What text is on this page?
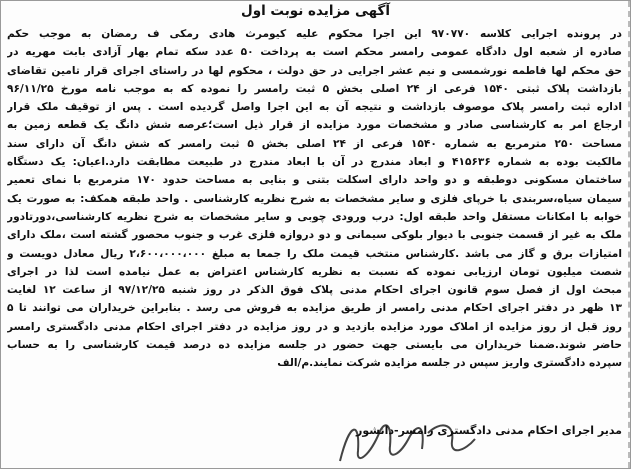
آگهی مزایده نوبت اول
در پرونده اجرایی کلاسه ۹۷۰۷۷۰ این اجرا محکوم علیه کیومرث هادی رمکی ف رمضان به موجب حکم
صادره از شعبه اول دادگاه عمومی رامسر محکم است به پرداخت ۵۰ عدد سکه تمام بهار آزادی بابت مهریه در
حق محکم لها فاطمه نورشمسی و نیم عشر اجرایی در حق دولت ، محکوم لها در راستای اجرای قرار تامین تقاضای
بازداشت پلاک ثبتی ۱۵۴۰ فرعی از ۲۴ اصلی بخش ۵ ثبت رامسر را نموده که به موجب نامه مورخ ۹۶/۱۱/۲۵
اداره ثبت رامسر پلاک موصوف بازداشت و نتیجه آن به این اجرا واصل گردیده است . پس از توقیف ملک قرار
ارجاع امر به کارشناسی صادر و مشخصات مورد مزایده از قرار ذیل است؛عرصه شش دانگ یک قطعه زمین به
مساحت ۲۵۰ مترمربع به شماره ۱۵۴۰ فرعی از ۲۴ اصلی بخش ۵ ثبت رامسر که شش دانگ آن دارای سند
مالکیت بوده به شماره ۴۱۵۶۳۶ و ابعاد مندرج در آن با ابعاد مندرج در طبیعت مطابقت دارد.اعیان: یک دستگاه
ساختمان مسکونی دوطبقه و دو واحد دارای اسکلت بتنی و بنایی به مساحت حدود ۱۷۰ مترمربع با نمای تعمیر
سیمان سیاه،سربندی با خرپای فلزی و سایر مشخصات به شرح نظریه کارشناسی . واحد طبقه همکف: به صورت یک
خوابه با امکانات مستقل واحد طبقه اول: درب ورودی چوبی و سایر مشخصات به شرح نظریه کارشناسی،دورتادور
ملک به غیر از قسمت جنوبی با دیوار بلوکی سیمانی و دو دروازه فلزی غرب و جنوب محصور گشته است ،ملک دارای
امتیازات برق و گاز می باشد .کارشناس منتخب قیمت ملک را جمعا به مبلغ ۲،۶۰۰،۰۰۰،۰۰۰ ریال معادل دویست و
شصت میلیون تومان ارزیابی نموده که نسبت به نظریه کارشناس اعتراض به عمل نیامده است لذا در اجرای
مبحث اول از فصل سوم قانون اجرای احکام مدنی پلاک فوق الذکر در روز شنبه ۹۷/۱۲/۲۵ از ساعت ۱۲ لغایت
۱۳ ظهر در دفتر اجرای احکام مدنی رامسر از طریق مزایده به فروش می رسد . بنابراین خریداران می توانند تا ۵
روز قبل از روز مزایده از املاک مورد مزایده بازدید و در روز مزایده در دفتر اجرای احکام مدنی دادگستری رامسر
حاضر شوند.ضمنا خریداران می بایستی جهت حضور در جلسه مزایده ده درصد قیمت کارشناسی را به حساب
سپرده دادگستری واریز سپس در جلسه مزایده شرکت نمایند.م/الف
مدیر اجرای احکام مدنی دادگستری رامسر-دانشور
